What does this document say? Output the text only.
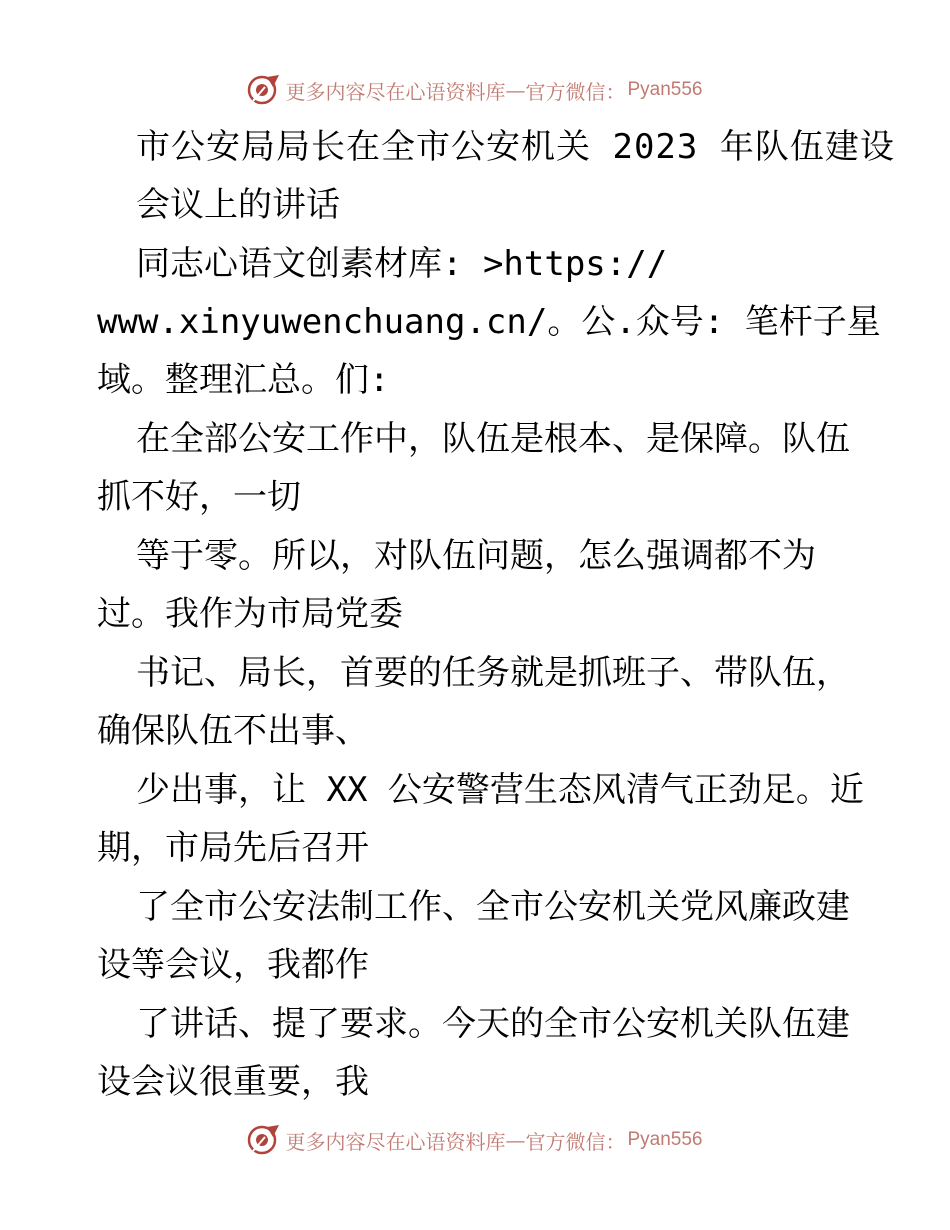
更多内容尽在心语资料库 — 官方微信： Pyan556
市公安局局长在全市公安机关 2023 年队伍建设
会议上的讲话
同志心语文创素材库: >https://
www.xinyuwenchuang.cn/。公.众号: 笔杆子星
域。整理汇总。们:
在全部公安工作中，队伍是根本、是保障。队伍
抓不好，一切
等于零。所以，对队伍问题，怎么强调都不为
过。我作为市局党委
书记、局长，首要的任务就是抓班子、带队伍，
确保队伍不出事、
少出事，让 XX 公安警营生态风清气正劲足。近
期，市局先后召开
了全市公安法制工作、全市公安机关党风廉政建
设等会议，我都作
了讲话、提了要求。今天的全市公安机关队伍建
设会议很重要，我
更多内容尽在心语资料库 — 官方微信： Pyan556
